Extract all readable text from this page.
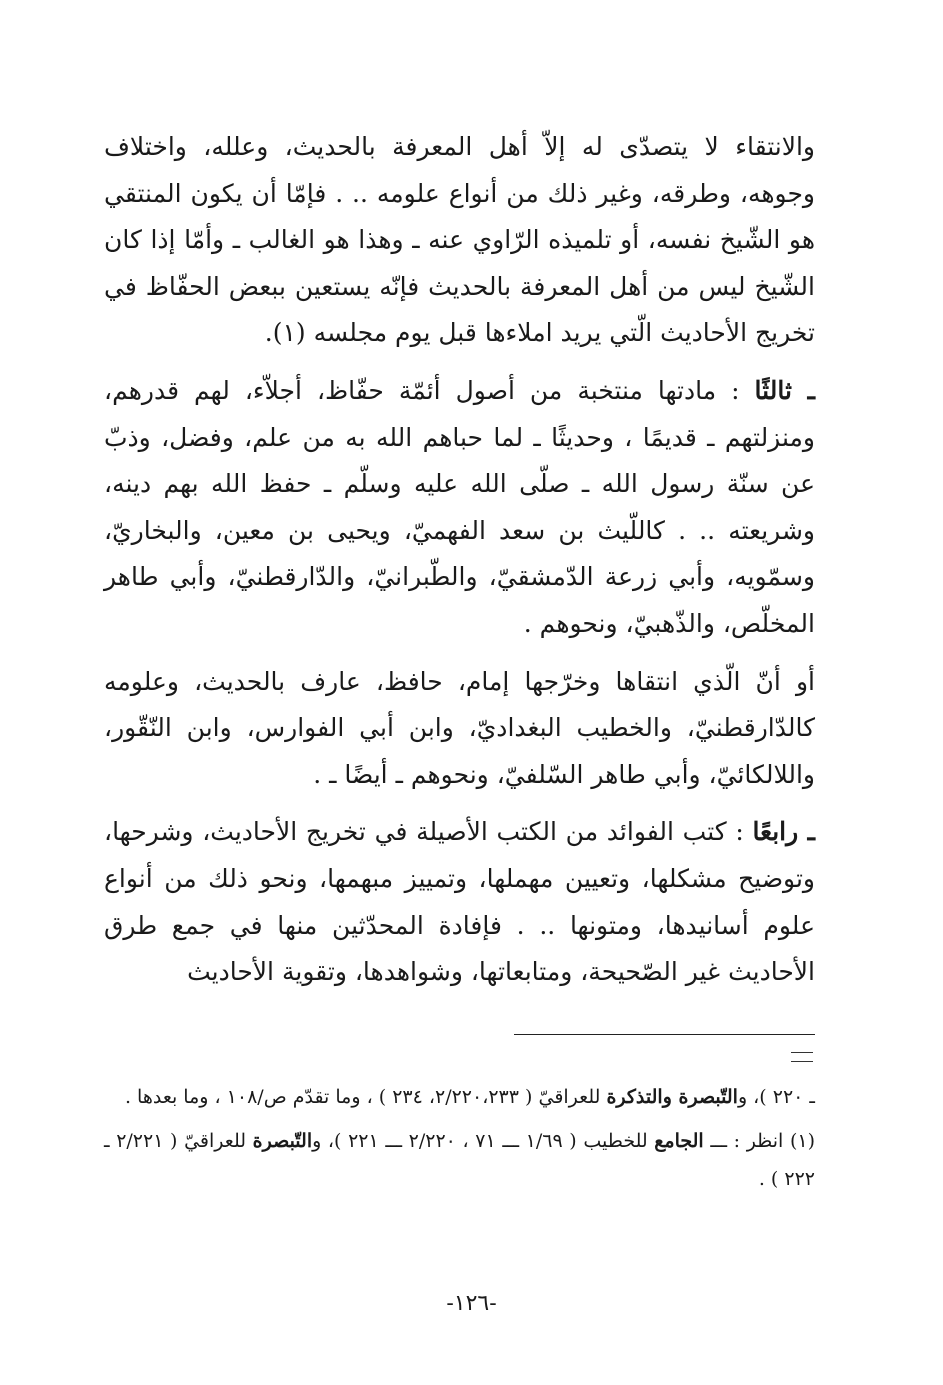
والانتقاء لا يتصدّى له إلاّ أهل المعرفة بالحديث، وعلله، واختلاف وجوهه، وطرقه، وغير ذلك من أنواع علومه .. . فإمّا أن يكون المنتقي هو الشّيخ نفسه، أو تلميذه الرّاوي عنه ـ وهذا هو الغالب ـ وأمّا إذا كان الشّيخ ليس من أهل المعرفة بالحديث فإنّه يستعين ببعض الحفّاظ في تخريج الأحاديث الّتي يريد املاءها قبل يوم مجلسه (١).

ـ ثالثًا : مادتها منتخبة من أصول أئمّة حفّاظ، أجلاّء، لهم قدرهم، ومنزلتهم ـ قديمًا ، وحديثًا ـ لما حباهم الله به من علم، وفضل، وذبّ عن سنّة رسول الله ـ صلّى الله عليه وسلّم ـ حفظ الله بهم دينه، وشريعته .. . كاللّيث بن سعد الفهميّ، ويحيى بن معين، والبخاريّ، وسمّويه، وأبي زرعة الدّمشقيّ، والطّبرانيّ، والدّارقطنيّ، وأبي طاهر المخلّص، والذّهبيّ، ونحوهم .

أو أنّ الّذي انتقاها وخرّجها إمام، حافظ، عارف بالحديث، وعلومه كالدّارقطنيّ، والخطيب البغداديّ، وابن أبي الفوارس، وابن النّقّور، واللالكائيّ، وأبي طاهر السّلفيّ، ونحوهم ـ أيضًا ـ .

ـ رابعًا : كتب الفوائد من الكتب الأصيلة في تخريج الأحاديث، وشرحها، وتوضيح مشكلها، وتعيين مهملها، وتمييز مبهمها، ونحو ذلك من أنواع علوم أسانيدها، ومتونها .. . فإفادة المحدّثين منها في جمع طرق الأحاديث غير الصّحيحة، ومتابعاتها، وشواهدها، وتقوية الأحاديث

ـ ٢٢٠ )، والتّبصرة والتذكرة للعراقيّ ( ٢/٢٢٠،٢٣٣، ٢٣٤ ) ، وما تقدّم ص/١٠٨ ، وما بعدها .

(١) انظر : ـــ الجامع للخطيب ( ١/٦٩ ـــ ٧١ ، ٢/٢٢٠ ـــ ٢٢١ )، والتّبصرة للعراقيّ ( ٢/٢٢١ ـ ٢٢٢ ) .

-١٢٦-
